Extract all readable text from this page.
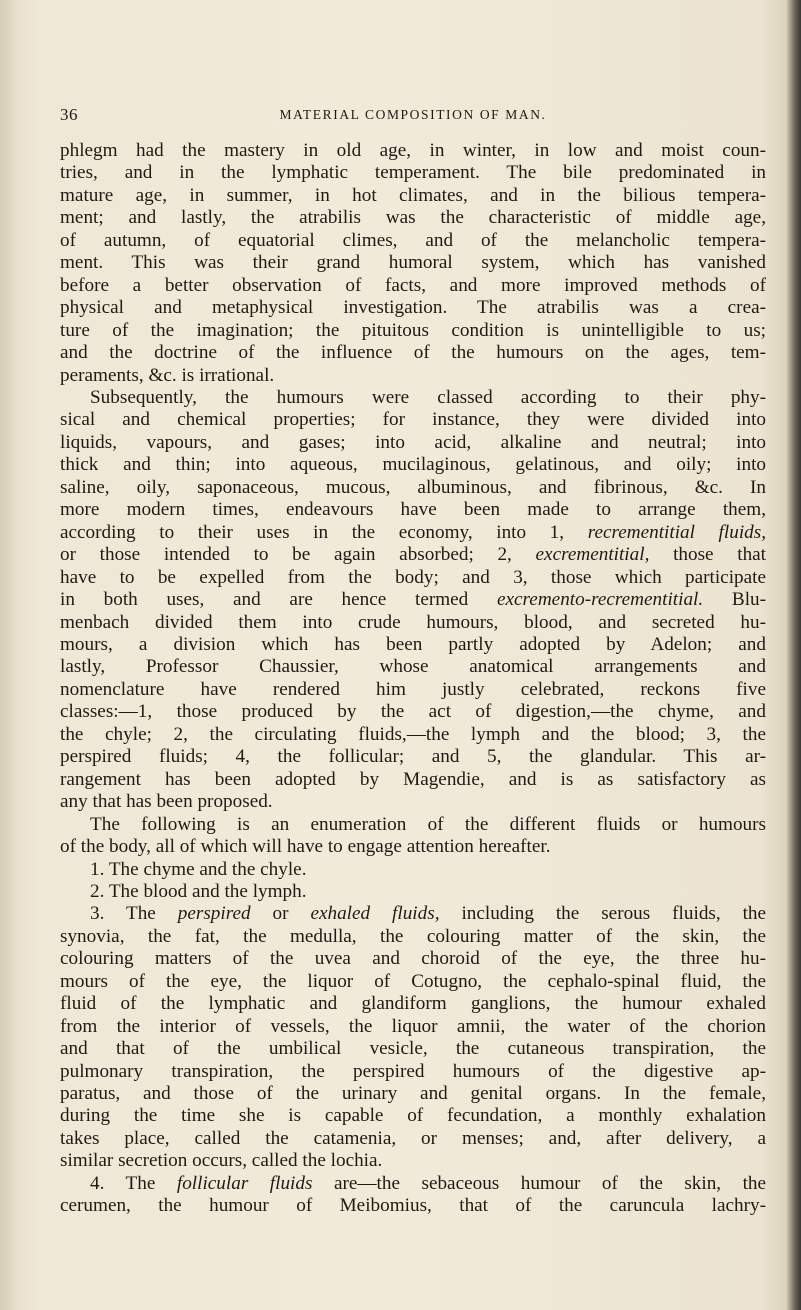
36	MATERIAL COMPOSITION OF MAN.
phlegm had the mastery in old age, in winter, in low and moist coun-
tries, and in the lymphatic temperament. The bile predominated in
mature age, in summer, in hot climates, and in the bilious tempera-
ment; and lastly, the atrabilis was the characteristic of middle age,
of autumn, of equatorial climes, and of the melancholic tempera-
ment. This was their grand humoral system, which has vanished
before a better observation of facts, and more improved methods of
physical and metaphysical investigation. The atrabilis was a crea-
ture of the imagination; the pituitous condition is unintelligible to us;
and the doctrine of the influence of the humours on the ages, tem-
peraments, &c. is irrational.
Subsequently, the humours were classed according to their phy-
sical and chemical properties; for instance, they were divided into
liquids, vapours, and gases; into acid, alkaline and neutral; into
thick and thin; into aqueous, mucilaginous, gelatinous, and oily; into
saline, oily, saponaceous, mucous, albuminous, and fibrinous, &c. In
more modern times, endeavours have been made to arrange them,
according to their uses in the economy, into 1, recrementitial fluids,
or those intended to be again absorbed; 2, excrementitial, those that
have to be expelled from the body; and 3, those which participate
in both uses, and are hence termed excremento-recrementitial. Blu-
menbach divided them into crude humours, blood, and secreted hu-
mours, a division which has been partly adopted by Adelon; and
lastly, Professor Chaussier, whose anatomical arrangements and
nomenclature have rendered him justly celebrated, reckons five
classes:—1, those produced by the act of digestion,—the chyme, and
the chyle; 2, the circulating fluids,—the lymph and the blood; 3, the
perspired fluids; 4, the follicular; and 5, the glandular. This ar-
rangement has been adopted by Magendie, and is as satisfactory as
any that has been proposed.
The following is an enumeration of the different fluids or humours
of the body, all of which will have to engage attention hereafter.
1. The chyme and the chyle.
2. The blood and the lymph.
3. The perspired or exhaled fluids, including the serous fluids, the
synovia, the fat, the medulla, the colouring matter of the skin, the
colouring matters of the uvea and choroid of the eye, the three hu-
mours of the eye, the liquor of Cotugno, the cephalo-spinal fluid, the
fluid of the lymphatic and glandiform ganglions, the humour exhaled
from the interior of vessels, the liquor amnii, the water of the chorion
and that of the umbilical vesicle, the cutaneous transpiration, the
pulmonary transpiration, the perspired humours of the digestive ap-
paratus, and those of the urinary and genital organs. In the female,
during the time she is capable of fecundation, a monthly exhalation
takes place, called the catamenia, or menses; and, after delivery, a
similar secretion occurs, called the lochia.
4. The follicular fluids are—the sebaceous humour of the skin, the
cerumen, the humour of Meibomius, that of the caruncula lachry-
